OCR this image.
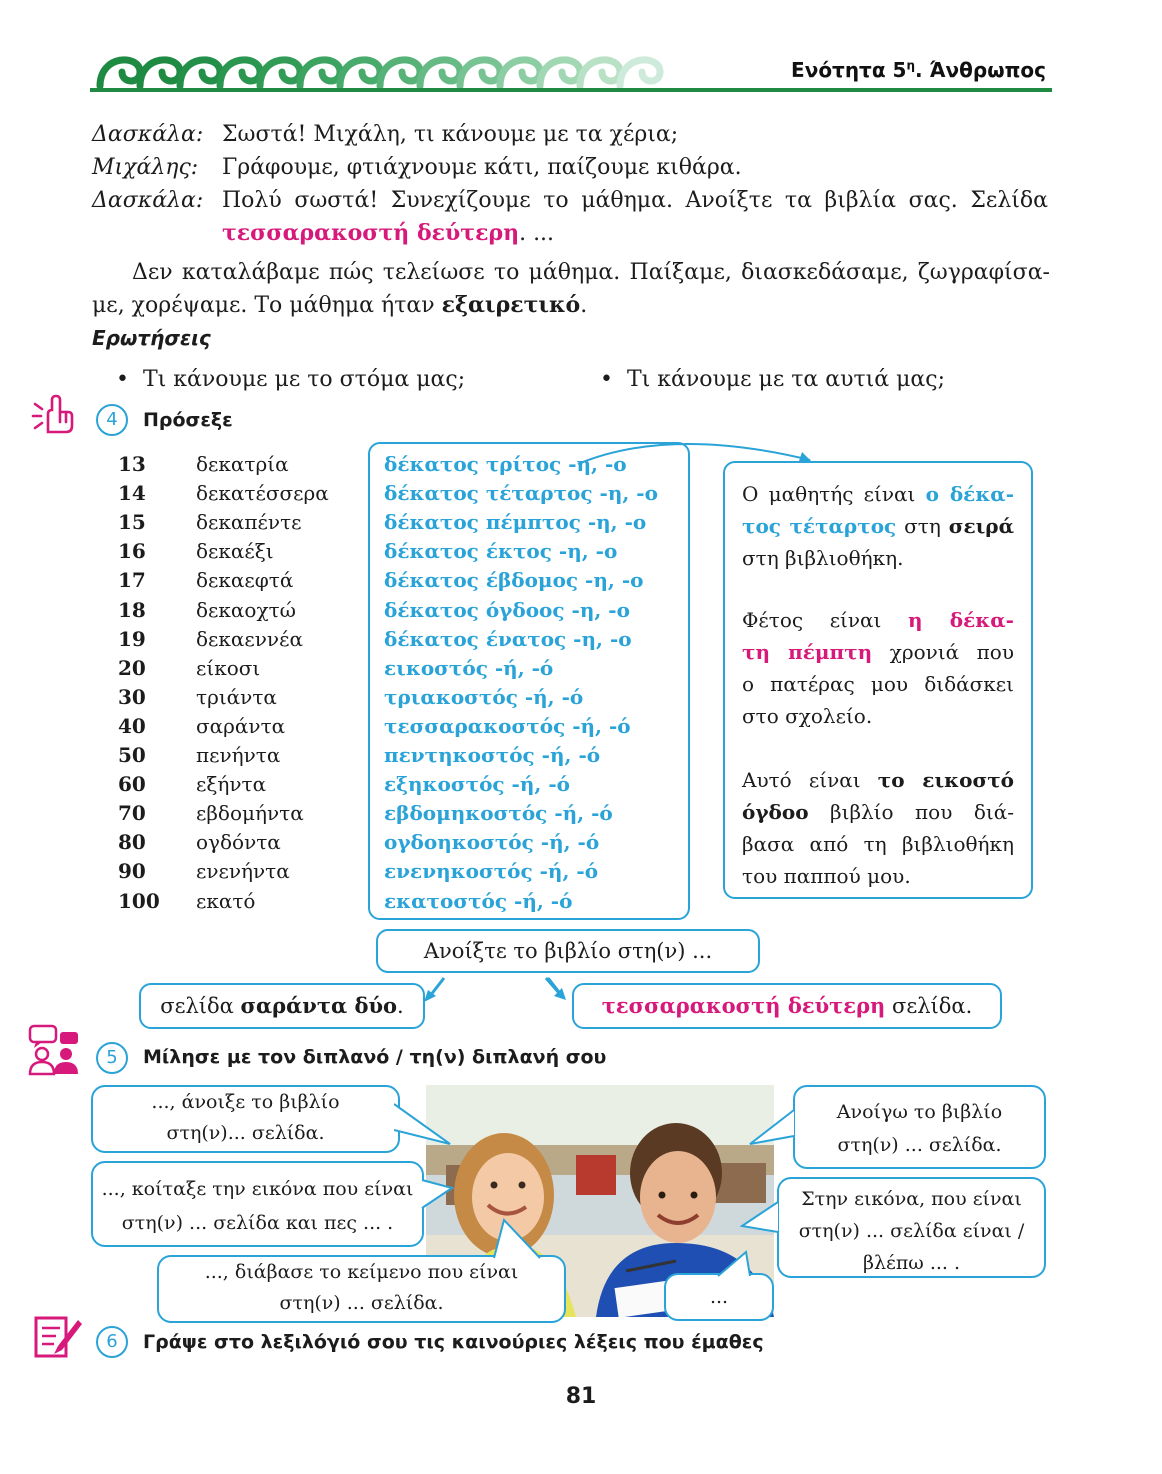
Ενότητα $5^\eta$. Άνθρωπος
Δασκάλα: Σωστά! Μιχάλη, τι κάνουμε με τα χέρια;
Μιχάλης: Γράφουμε, φτιάχνουμε κάτι, παίζουμε κιθάρα.
Δασκάλα: Πολύ σωστά! Συνεχίζουμε το μάθημα. Ανοίξτε τα βιβλία σας. Σελίδα
τεσσαρακοστή δεύτερη. ...
Δεν καταλάβαμε πώς τελείωσε το μάθημα. Παίξαμε, διασκεδάσαμε, ζωγραφίσα-
με, χορέψαμε. Το μάθημα ήταν εξαιρετικό.
Ερωτήσεις
•  Τι κάνουμε με το στόμα μας;	•  Τι κάνουμε με τα αυτιά μας;
4	Πρόσεξε
13	δεκατρία	δέκατος τρίτος -η, -ο
14	δεκατέσσερα	δέκατος τέταρτος -η, -ο
15	δεκαπέντε	δέκατος πέμπτος -η, -ο
16	δεκαέξι	δέκατος έκτος -η, -ο
17	δεκαεφτά	δέκατος έβδομος -η, -ο
18	δεκαοχτώ	δέκατος όγδοος -η, -ο
19	δεκαεννέα	δέκατος ένατος -η, -ο
20	είκοσι	εικοστός -ή, -ό
30	τριάντα	τριακοστός -ή, -ό
40	σαράντα	τεσσαρακοστός -ή, -ό
50	πενήντα	πεντηκοστός -ή, -ό
60	εξήντα	εξηκοστός -ή, -ό
70	εβδομήντα	εβδομηκοστός -ή, -ό
80	ογδόντα	ογδοηκοστός -ή, -ό
90	ενενήντα	ενενηκοστός -ή, -ό
100 εκατό	εκατοστός -ή, -ό
Ο μαθητής είναι ο δέκα-
τος τέταρτος στη σειρά
στη βιβλιοθήκη.
Φέτος είναι η δέκα-
τη πέμπτη χρονιά που
ο πατέρας μου διδάσκει
στο σχολείο.
Αυτό είναι το εικοστό
όγδοο βιβλίο που διά-
βασα από τη βιβλιοθήκη
του παππού μου.
Ανοίξτε το βιβλίο στη(ν) ...
σελίδα σαράντα δύο.	τεσσαρακοστή δεύτερη σελίδα.
5	Μίλησε με τον διπλανό / τη(ν) διπλανή σου
..., άνοιξε το βιβλίο
στη(ν)... σελίδα.
..., κοίταξε την εικόνα που είναι
στη(ν) ... σελίδα και πες ... .
..., διάβασε το κείμενο που είναι
στη(ν) ... σελίδα.
Ανοίγω το βιβλίο
στη(ν) ... σελίδα.
Στην εικόνα, που είναι
στη(ν) ... σελίδα είναι /
βλέπω ... .
...
6	Γράψε στο λεξιλόγιό σου τις καινούριες λέξεις που έμαθες
81
